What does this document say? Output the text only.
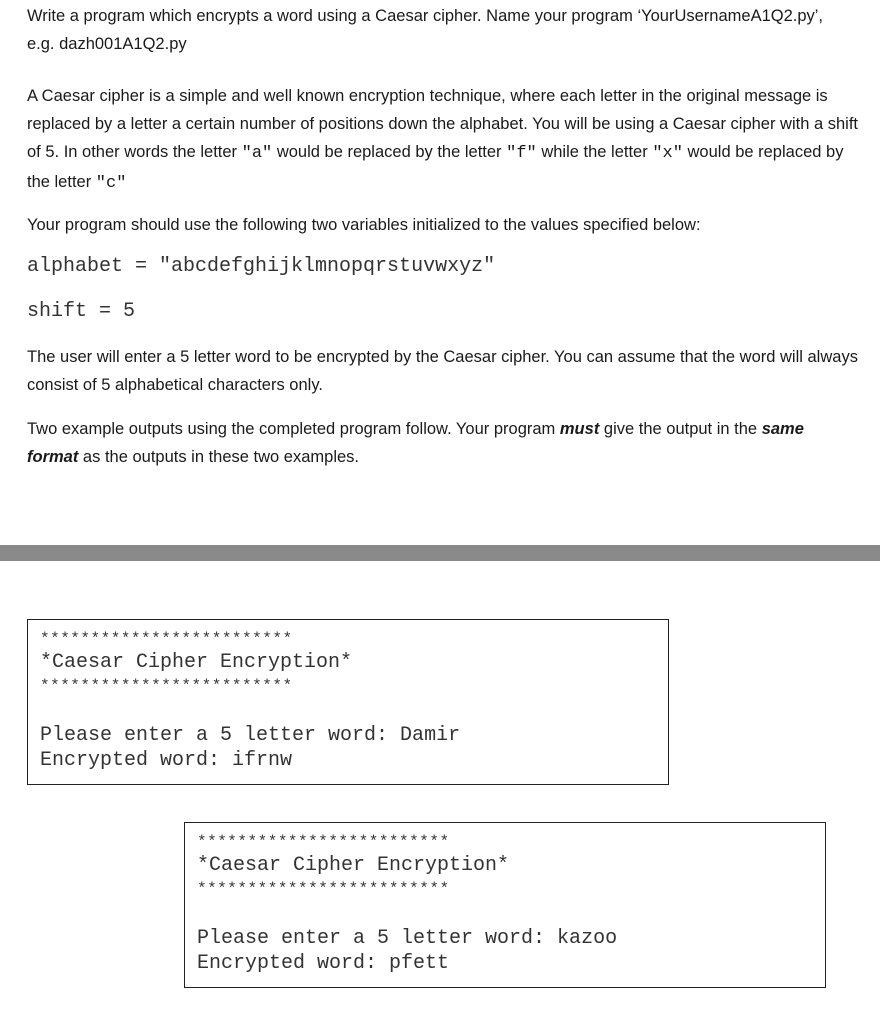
Write a program which encrypts a word using a Caesar cipher. Name your program ‘YourUsernameA1Q2.py’,

e.g. dazh001A1Q2.py

A Caesar cipher is a simple and well known encryption technique, where each letter in the original message is replaced by a letter a certain number of positions down the alphabet. You will be using a Caesar cipher with a shift of 5. In other words the letter "a" would be replaced by the letter "f" while the letter "x" would be replaced by the letter "c"

Your program should use the following two variables initialized to the values specified below:

alphabet = "abcdefghijklmnopqrstuvwxyz"

shift = 5

The user will enter a 5 letter word to be encrypted by the Caesar cipher. You can assume that the word will always consist of 5 alphabetical characters only.

Two example outputs using the completed program follow. Your program must give the output in the same
format as the outputs in these two examples.

*************************
*Caesar Cipher Encryption*
*************************
Please enter a 5 letter word: Damir
Encrypted word: ifrnw
*************************
*Caesar Cipher Encryption*
*************************
Please enter a 5 letter word: kazoo
Encrypted word: pfett
